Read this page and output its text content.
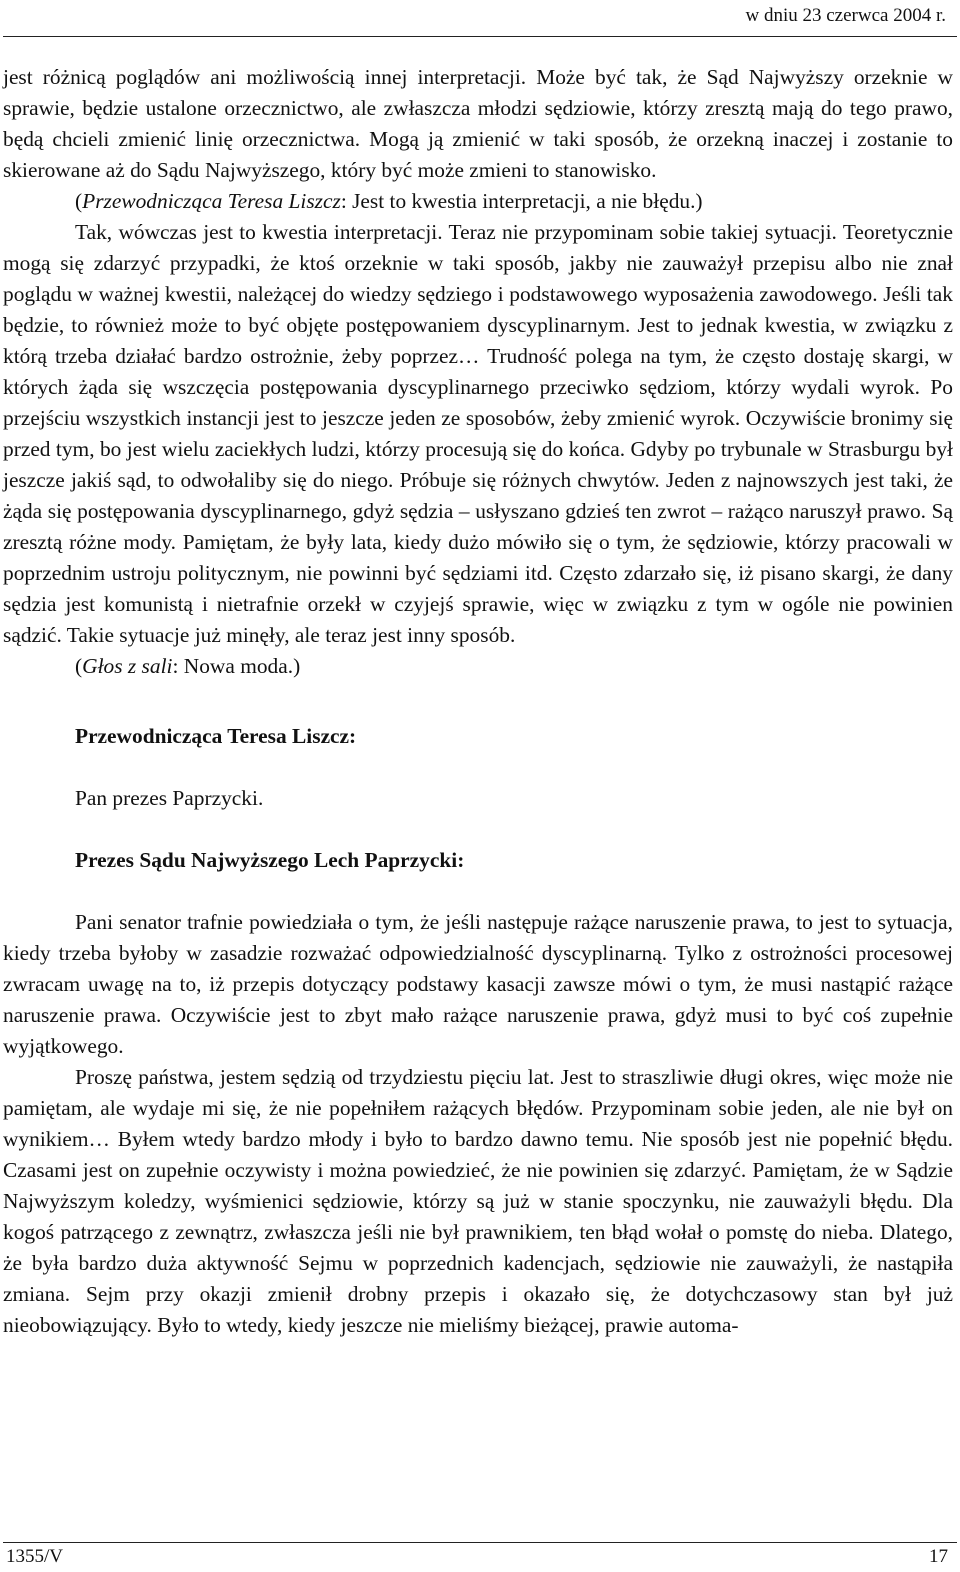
w dniu 23 czerwca 2004 r.

jest różnicą poglądów ani możliwością innej interpretacji. Może być tak, że Sąd Najwyższy orzeknie w sprawie, będzie ustalone orzecznictwo, ale zwłaszcza młodzi sędziowie, którzy zresztą mają do tego prawo, będą chcieli zmienić linię orzecznictwa. Mogą ją zmienić w taki sposób, że orzekną inaczej i zostanie to skierowane aż do Sądu Najwyższego, który być może zmieni to stanowisko.

(Przewodnicząca Teresa Liszcz: Jest to kwestia interpretacji, a nie błędu.)

Tak, wówczas jest to kwestia interpretacji. Teraz nie przypominam sobie takiej sytuacji. Teoretycznie mogą się zdarzyć przypadki, że ktoś orzeknie w taki sposób, jakby nie zauważył przepisu albo nie znał poglądu w ważnej kwestii, należącej do wiedzy sędziego i podstawowego wyposażenia zawodowego. Jeśli tak będzie, to również może to być objęte postępowaniem dyscyplinarnym. Jest to jednak kwestia, w związku z którą trzeba działać bardzo ostrożnie, żeby poprzez… Trudność polega na tym, że często dostaję skargi, w których żąda się wszczęcia postępowania dyscyplinarnego przeciwko sędziom, którzy wydali wyrok. Po przejściu wszystkich instancji jest to jeszcze jeden ze sposobów, żeby zmienić wyrok. Oczywiście bronimy się przed tym, bo jest wielu zaciekłych ludzi, którzy procesują się do końca. Gdyby po trybunale w Strasburgu był jeszcze jakiś sąd, to odwołaliby się do niego. Próbuje się różnych chwytów. Jeden z najnowszych jest taki, że żąda się postępowania dyscyplinarnego, gdyż sędzia – usłyszano gdzieś ten zwrot – rażąco naruszył prawo. Są zresztą różne mody. Pamiętam, że były lata, kiedy dużo mówiło się o tym, że sędziowie, którzy pracowali w poprzednim ustroju politycznym, nie powinni być sędziami itd. Często zdarzało się, iż pisano skargi, że dany sędzia jest komunistą i nietrafnie orzekł w czyjejś sprawie, więc w związku z tym w ogóle nie powinien sądzić. Takie sytuacje już minęły, ale teraz jest inny sposób.

(Głos z sali: Nowa moda.)

Przewodnicząca Teresa Liszcz:

Pan prezes Paprzycki.

Prezes Sądu Najwyższego Lech Paprzycki:

Pani senator trafnie powiedziała o tym, że jeśli następuje rażące naruszenie prawa, to jest to sytuacja, kiedy trzeba byłoby w zasadzie rozważać odpowiedzialność dyscyplinarną. Tylko z ostrożności procesowej zwracam uwagę na to, iż przepis dotyczący podstawy kasacji zawsze mówi o tym, że musi nastąpić rażące naruszenie prawa. Oczywiście jest to zbyt mało rażące naruszenie prawa, gdyż musi to być coś zupełnie wyjątkowego.

Proszę państwa, jestem sędzią od trzydziestu pięciu lat. Jest to straszliwie długi okres, więc może nie pamiętam, ale wydaje mi się, że nie popełniłem rażących błędów. Przypominam sobie jeden, ale nie był on wynikiem… Byłem wtedy bardzo młody i było to bardzo dawno temu. Nie sposób jest nie popełnić błędu. Czasami jest on zupełnie oczywisty i można powiedzieć, że nie powinien się zdarzyć. Pamiętam, że w Sądzie Najwyższym koledzy, wyśmienici sędziowie, którzy są już w stanie spoczynku, nie zauważyli błędu. Dla kogoś patrzącego z zewnątrz, zwłaszcza jeśli nie był prawnikiem, ten błąd wołał o pomstę do nieba. Dlatego, że była bardzo duża aktywność Sejmu w poprzednich kadencjach, sędziowie nie zauważyli, że nastąpiła zmiana. Sejm przy okazji zmienił drobny przepis i okazało się, że dotychczasowy stan był już nieobowiązujący. Było to wtedy, kiedy jeszcze nie mieliśmy bieżącej, prawie automa-

1355/V	17
